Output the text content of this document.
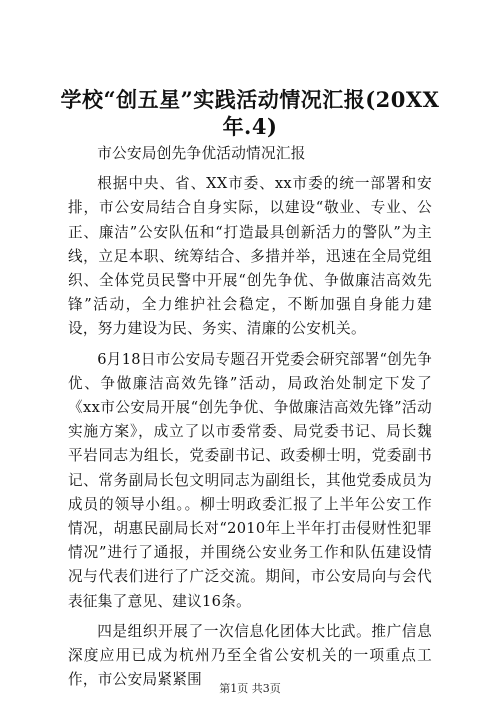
学校“创五星”实践活动情况汇报(20XX年.4)

市公安局创先争优活动情况汇报

根据中央、省、XX市委、xx市委的统一部署和安排，市公安局结合自身实际，以建设“敬业、专业、公正、廉洁”公安队伍和“打造最具创新活力的警队”为主线，立足本职、统筹结合、多措并举，迅速在全局党组织、全体党员民警中开展“创先争优、争做廉洁高效先锋”活动，全力维护社会稳定，不断加强自身能力建设，努力建设为民、务实、清廉的公安机关。

6月18日市公安局专题召开党委会研究部署“创先争优、争做廉洁高效先锋”活动，局政治处制定下发了《xx市公安局开展“创先争优、争做廉洁高效先锋”活动实施方案》，成立了以市委常委、局党委书记、局长魏平岩同志为组长，党委副书记、政委柳士明，党委副书记、常务副局长包文明同志为副组长，其他党委成员为成员的领导小组。。柳士明政委汇报了上半年公安工作情况，胡惠民副局长对“2010年上半年打击侵财性犯罪情况”进行了通报，并围绕公安业务工作和队伍建设情况与代表们进行了广泛交流。期间，市公安局向与会代表征集了意见、建议16条。

四是组织开展了一次信息化团体大比武。推广信息深度应用已成为杭州乃至全省公安机关的一项重点工作，市公安局紧紧围

第1页 共3页
